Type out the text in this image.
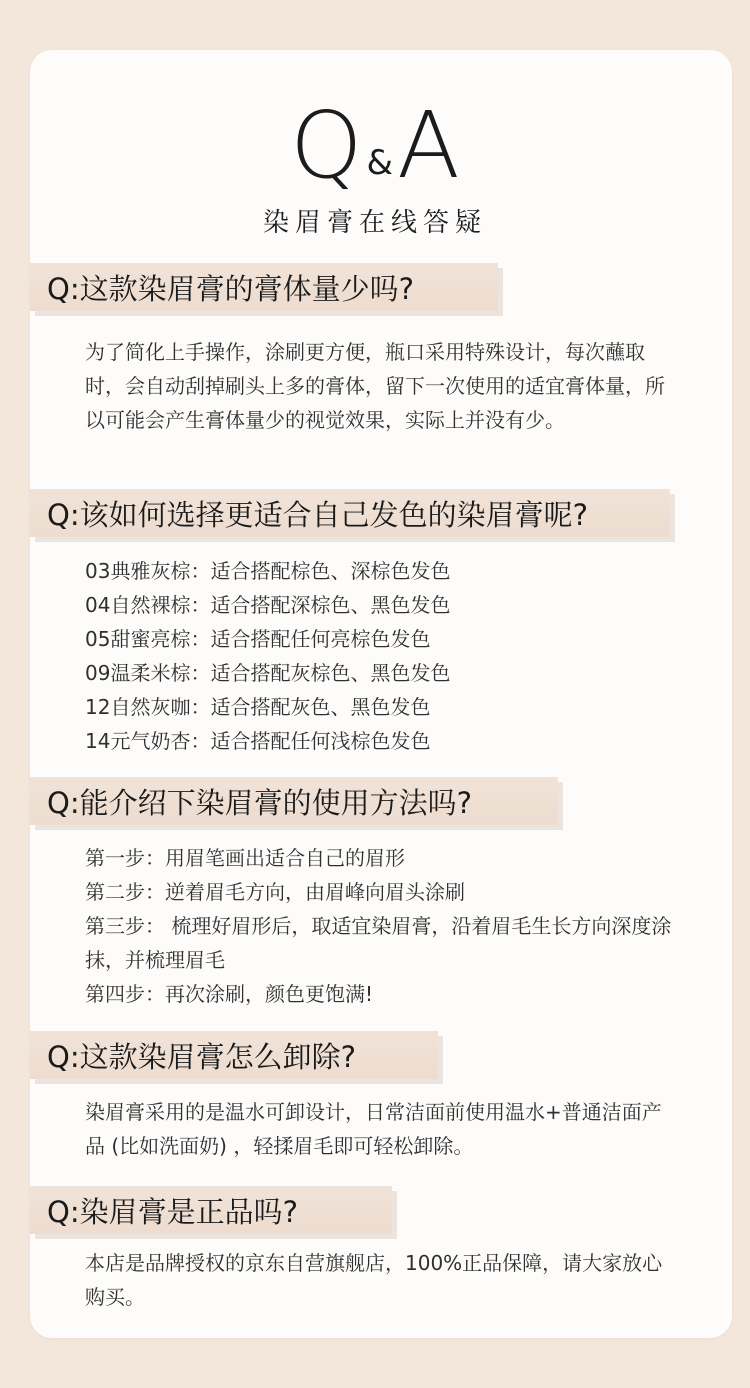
Q & A
染眉膏在线答疑
Q:这款染眉膏的膏体量少吗?

为了简化上手操作，涂刷更方便，瓶口采用特殊设计，每次蘸取时，会自动刮掉刷头上多的膏体，留下一次使用的适宜膏体量，所以可能会产生膏体量少的视觉效果，实际上并没有少。

Q:该如何选择更适合自己发色的染眉膏呢?

03典雅灰棕：适合搭配棕色、深棕色发色

04自然裸棕：适合搭配深棕色、黑色发色

05甜蜜亮棕：适合搭配任何亮棕色发色

09温柔米棕：适合搭配灰棕色、黑色发色

12自然灰咖：适合搭配灰色、黑色发色

14元气奶杏：适合搭配任何浅棕色发色

Q:能介绍下染眉膏的使用方法吗?

第一步：用眉笔画出适合自己的眉形

第二步：逆着眉毛方向，由眉峰向眉头涂刷

第三步： 梳理好眉形后，取适宜染眉膏，沿着眉毛生长方向深度涂抹，并梳理眉毛

第四步：再次涂刷，颜色更饱满!

Q:这款染眉膏怎么卸除?

染眉膏采用的是温水可卸设计，日常洁面前使用温水+普通洁面产品 (比如洗面奶) ，轻揉眉毛即可轻松卸除。

Q:染眉膏是正品吗?

本店是品牌授权的京东自营旗舰店，100%正品保障，请大家放心购买。
